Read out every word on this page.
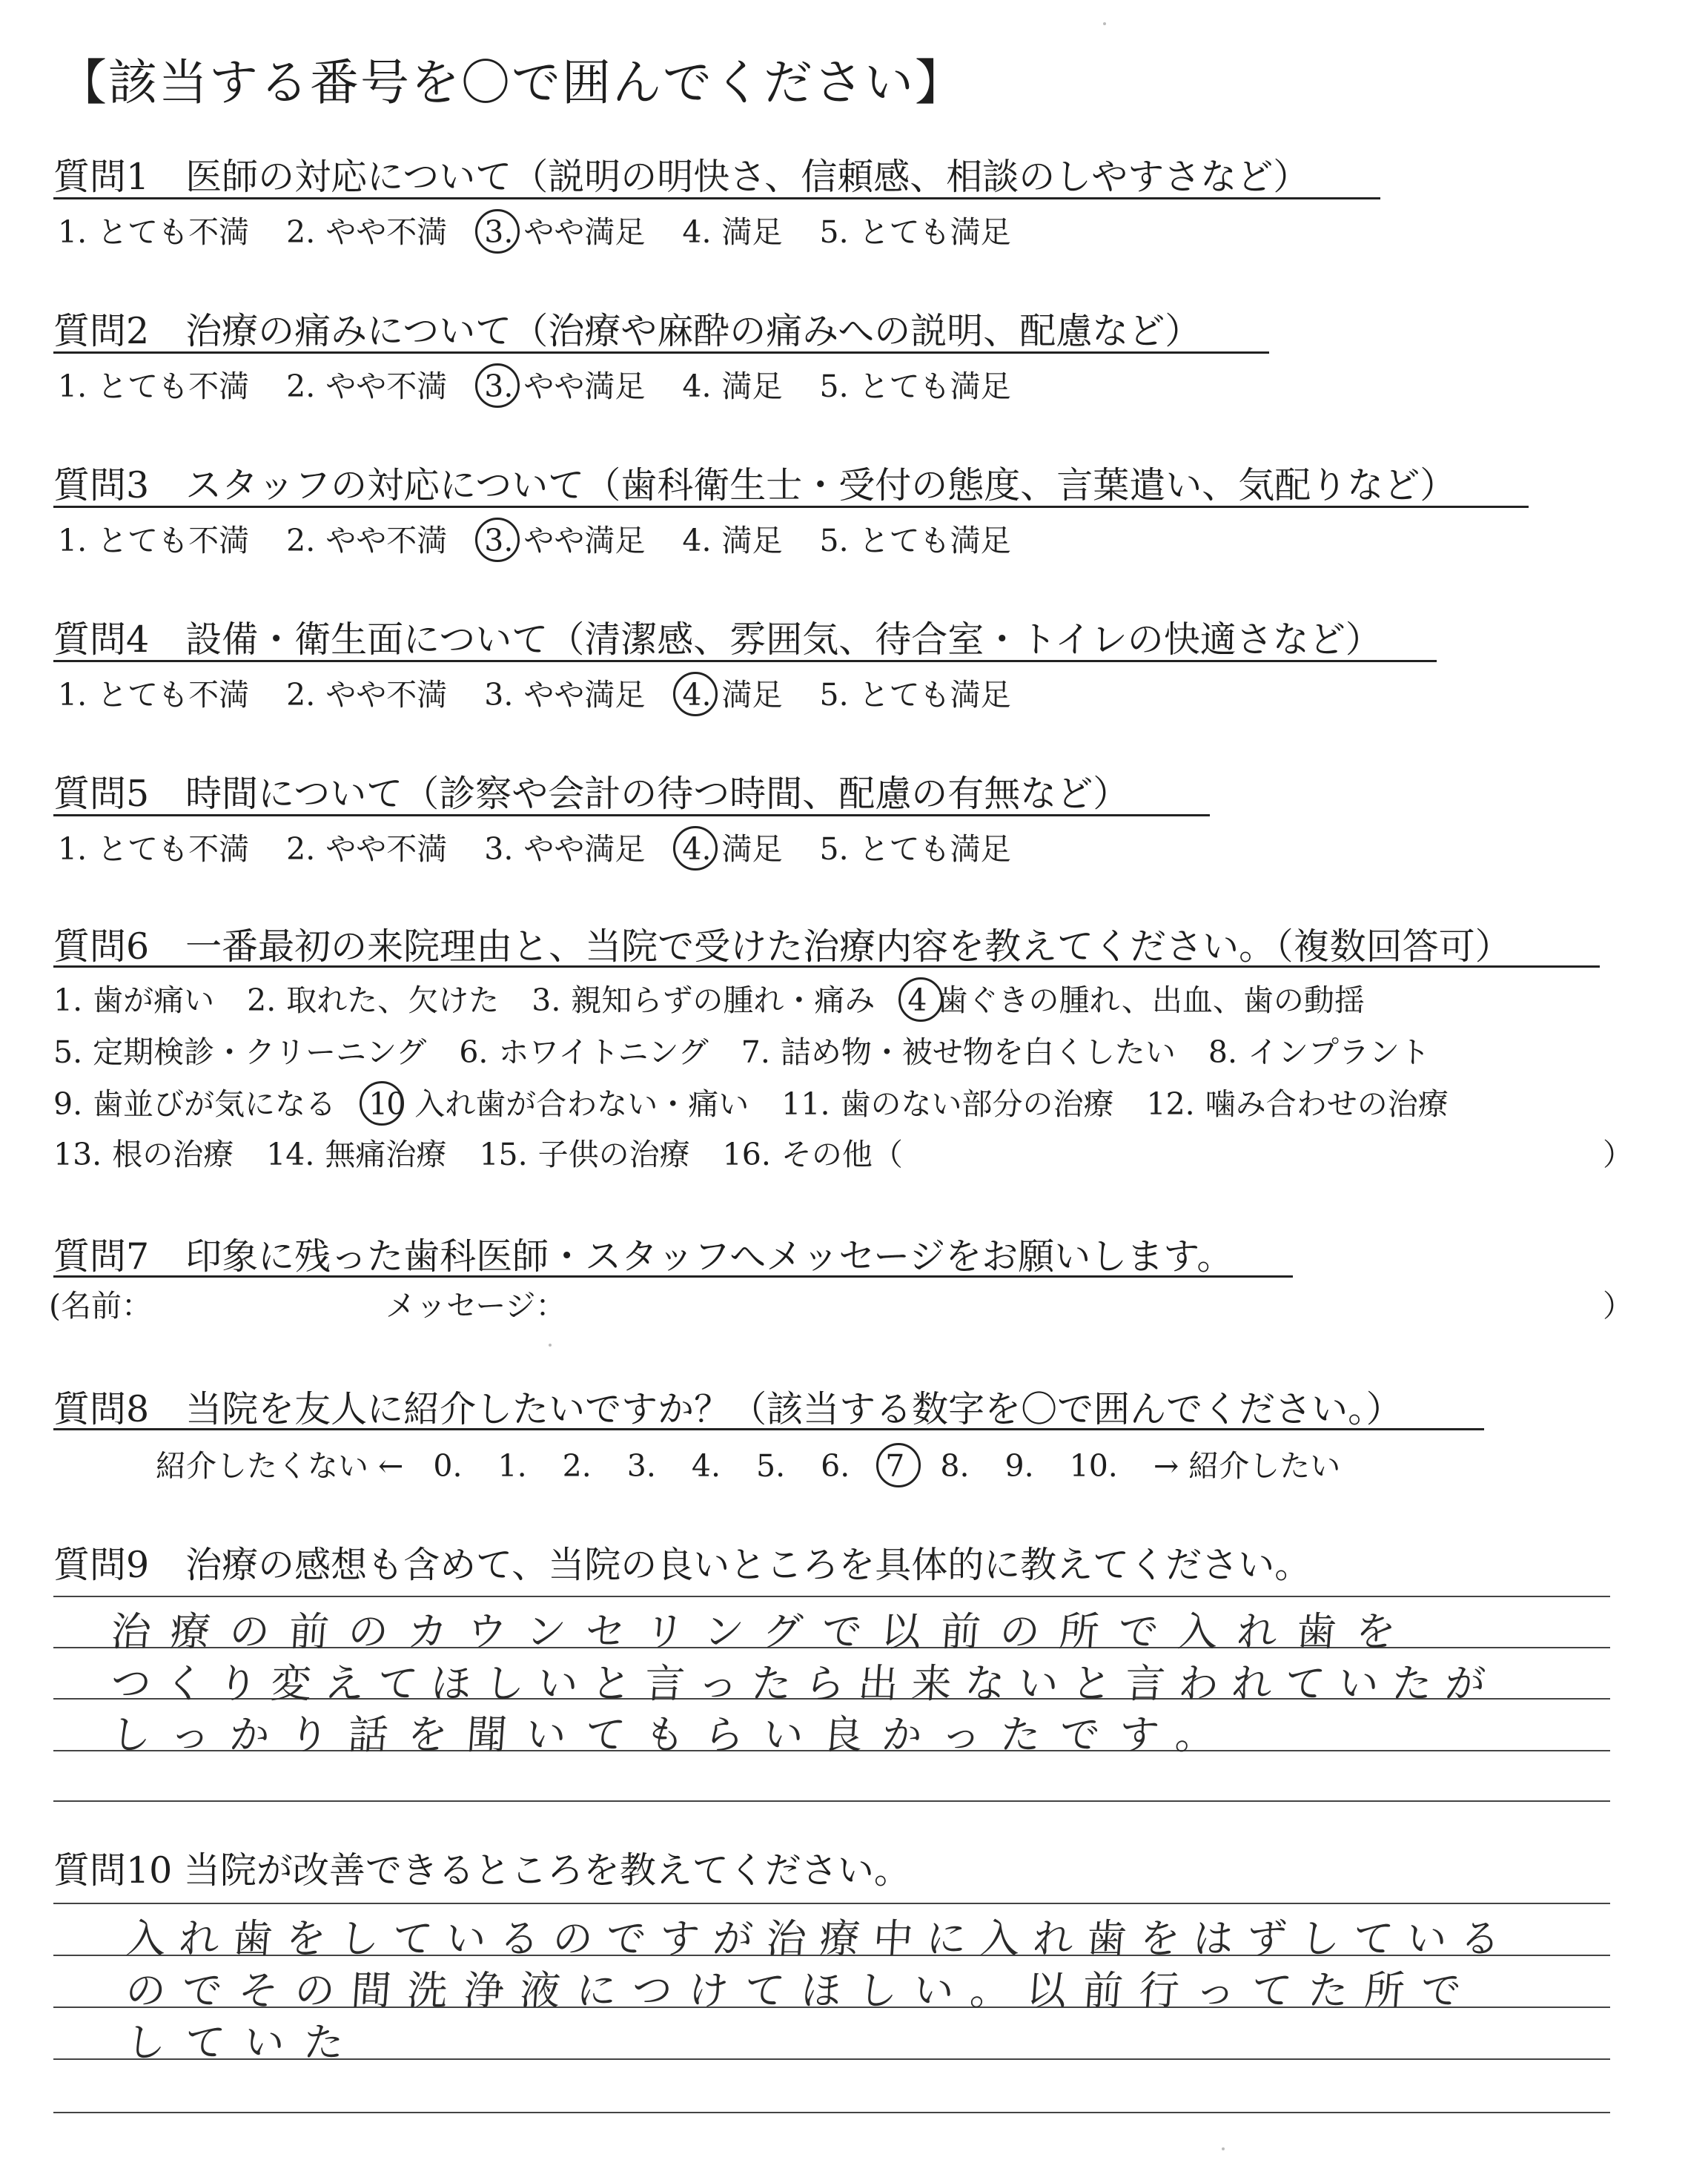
【該当する番号を〇で囲んでください】
質問1　医師の対応について（説明の明快さ、信頼感、相談のしやすさなど）
1. とても不満 2. やや不満 3. やや満足 4. 満足 5. とても満足
質問2　治療の痛みについて（治療や麻酔の痛みへの説明、配慮など）
1. とても不満 2. やや不満 3. やや満足 4. 満足 5. とても満足
質問3　スタッフの対応について（歯科衛生士・受付の態度、言葉遣い、気配りなど）
1. とても不満 2. やや不満 3. やや満足 4. 満足 5. とても満足
質問4　設備・衛生面について（清潔感、雰囲気、待合室・トイレの快適さなど）
1. とても不満 2. やや不満 3. やや満足 4. 満足 5. とても満足
質問5　時間について（診察や会計の待つ時間、配慮の有無など）
1. とても不満 2. やや不満 3. やや満足 4. 満足 5. とても満足
質問6　一番最初の来院理由と、当院で受けた治療内容を教えてください。（複数回答可）
1. 歯が痛い 2. 取れた、欠けた 3. 親知らずの腫れ・痛み 4 歯ぐきの腫れ、出血、歯の動揺
5. 定期検診・クリーニング 6. ホワイトニング 7. 詰め物・被せ物を白くしたい 8. インプラント
9. 歯並びが気になる 10 入れ歯が合わない・痛い 11. 歯のない部分の治療 12. 噛み合わせの治療
13. 根の治療 14. 無痛治療 15. 子供の治療 16. その他（	）
質問7　印象に残った歯科医師・スタッフへメッセージをお願いします。
(名前：	メッセージ：	）
質問8　当院を友人に紹介したいですか？（該当する数字を〇で囲んでください。）
紹介したくない ← 0. 1. 2. 3. 4. 5. 6. 7 8. 9. 10. → 紹介したい
質問9　治療の感想も含めて、当院の良いところを具体的に教えてください。
治療の前のカウンセリングで以前の所で入れ歯を
つくり変えてほしいと言ったら出来ないと言われていたが
しっかり話を聞いてもらい良かったです。
質問10 当院が改善できるところを教えてください。
入れ歯をしているのですが治療中に入れ歯をはずしている
のでその間洗浄液につけてほしい。以前行ってた所で
していた
